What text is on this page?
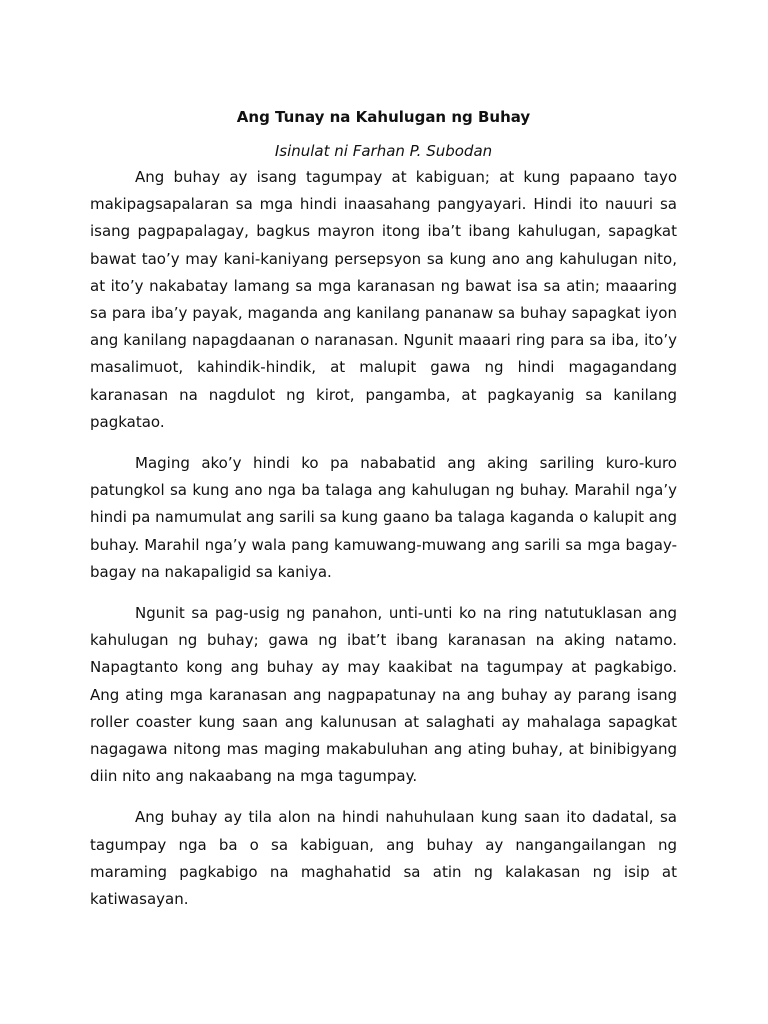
Ang Tunay na Kahulugan ng Buhay

Isinulat ni Farhan P. Subodan

Ang buhay ay isang tagumpay at kabiguan; at kung papaano tayo makipagsapalaran sa mga hindi inaasahang pangyayari. Hindi ito nauuri sa isang pagpapalagay, bagkus mayron itong iba’t ibang kahulugan, sapagkat bawat tao’y may kani-kaniyang persepsyon sa kung ano ang kahulugan nito, at ito’y nakabatay lamang sa mga karanasan ng bawat isa sa atin; maaaring sa para iba’y payak, maganda ang kanilang pananaw sa buhay sapagkat iyon ang kanilang napagdaanan o naranasan. Ngunit maaari ring para sa iba, ito’y masalimuot, kahindik-hindik, at malupit gawa ng hindi magagandang karanasan na nagdulot ng kirot, pangamba, at pagkayanig sa kanilang pagkatao.

Maging ako’y hindi ko pa nababatid ang aking sariling kuro-kuro patungkol sa kung ano nga ba talaga ang kahulugan ng buhay. Marahil nga’y hindi pa namumulat ang sarili sa kung gaano ba talaga kaganda o kalupit ang buhay. Marahil nga’y wala pang kamuwang-muwang ang sarili sa mga bagay-bagay na nakapaligid sa kaniya.

Ngunit sa pag-usig ng panahon, unti-unti ko na ring natutuklasan ang kahulugan ng buhay; gawa ng ibat’t ibang karanasan na aking natamo. Napagtanto kong ang buhay ay may kaakibat na tagumpay at pagkabigo. Ang ating mga karanasan ang nagpapatunay na ang buhay ay parang isang roller coaster kung saan ang kalunusan at salaghati ay mahalaga sapagkat nagagawa nitong mas maging makabuluhan ang ating buhay, at binibigyang diin nito ang nakaabang na mga tagumpay.

Ang buhay ay tila alon na hindi nahuhulaan kung saan ito dadatal, sa tagumpay nga ba o sa kabiguan, ang buhay ay nangangailangan ng maraming pagkabigo na maghahatid sa atin ng kalakasan ng isip at katiwasayan.
